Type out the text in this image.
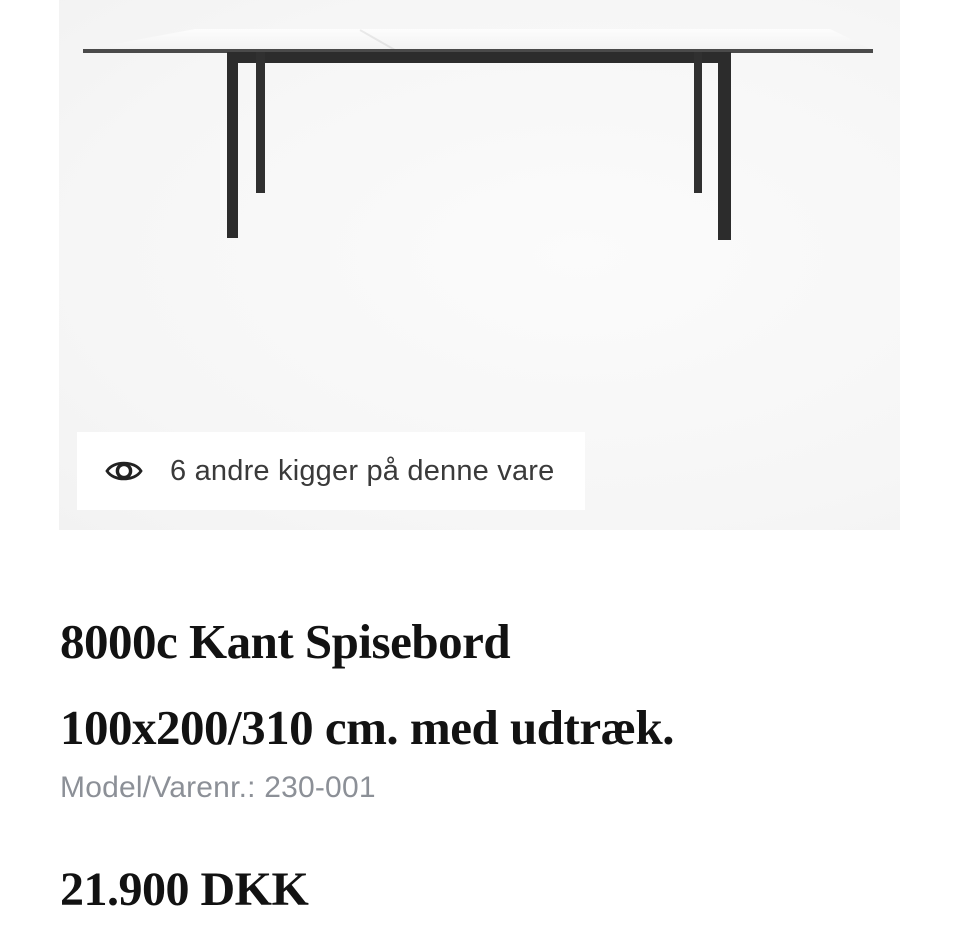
6 andre kigger på denne vare
8000c Kant Spisebord
100x200/310 cm. med udtræk.
Model/Varenr.: 230-001
21.900 DKK
